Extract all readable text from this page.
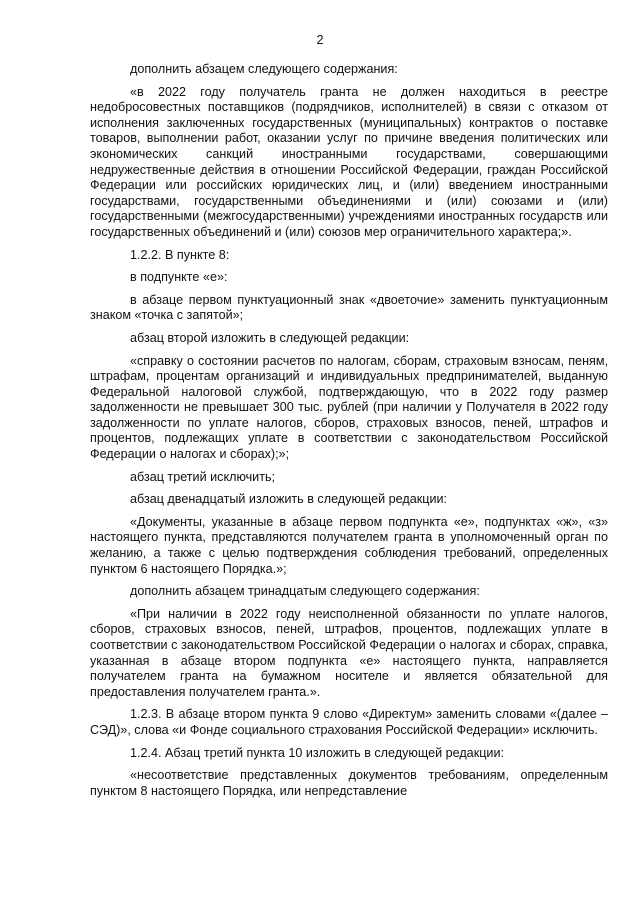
2

дополнить абзацем следующего содержания:

«в 2022 году получатель гранта не должен находиться в реестре недобросовестных поставщиков (подрядчиков, исполнителей) в связи с отказом от исполнения заключенных государственных (муниципальных) контрактов о поставке товаров, выполнении работ, оказании услуг по причине введения политических или экономических санкций иностранными государствами, совершающими недружественные действия в отношении Российской Федерации, граждан Российской Федерации или российских юридических лиц, и (или) введением иностранными государствами, государственными объединениями и (или) союзами и (или) государственными (межгосударственными) учреждениями иностранных государств или государственных объединений и (или) союзов мер ограничительного характера;».

1.2.2. В пункте 8:

в подпункте «е»:

в абзаце первом пунктуационный знак «двоеточие» заменить пунктуационным знаком «точка с запятой»;

абзац второй изложить в следующей редакции:

«справку о состоянии расчетов по налогам, сборам, страховым взносам, пеням, штрафам, процентам организаций и индивидуальных предпринимателей, выданную Федеральной налоговой службой, подтверждающую, что в 2022 году размер задолженности не превышает 300 тыс. рублей (при наличии у Получателя в 2022 году задолженности по уплате налогов, сборов, страховых взносов, пеней, штрафов и процентов, подлежащих уплате в соответствии с законодательством Российской Федерации о налогах и сборах);»;

абзац третий исключить;

абзац двенадцатый изложить в следующей редакции:

«Документы, указанные в абзаце первом подпункта «е», подпунктах «ж», «з» настоящего пункта, представляются получателем гранта в уполномоченный орган по желанию, а также с целью подтверждения соблюдения требований, определенных пунктом 6 настоящего Порядка.»;

дополнить абзацем тринадцатым следующего содержания:

«При наличии в 2022 году неисполненной обязанности по уплате налогов, сборов, страховых взносов, пеней, штрафов, процентов, подлежащих уплате в соответствии с законодательством Российской Федерации о налогах и сборах, справка, указанная в абзаце втором подпункта «е» настоящего пункта, направляется получателем гранта на бумажном носителе и является обязательной для предоставления получателем гранта.».

1.2.3. В абзаце втором пункта 9 слово «Директум» заменить словами «(далее – СЭД)», слова «и Фонде социального страхования Российской Федерации» исключить.

1.2.4. Абзац третий пункта 10 изложить в следующей редакции:

«несоответствие представленных документов требованиям, определенным пунктом 8 настоящего Порядка, или непредставление
